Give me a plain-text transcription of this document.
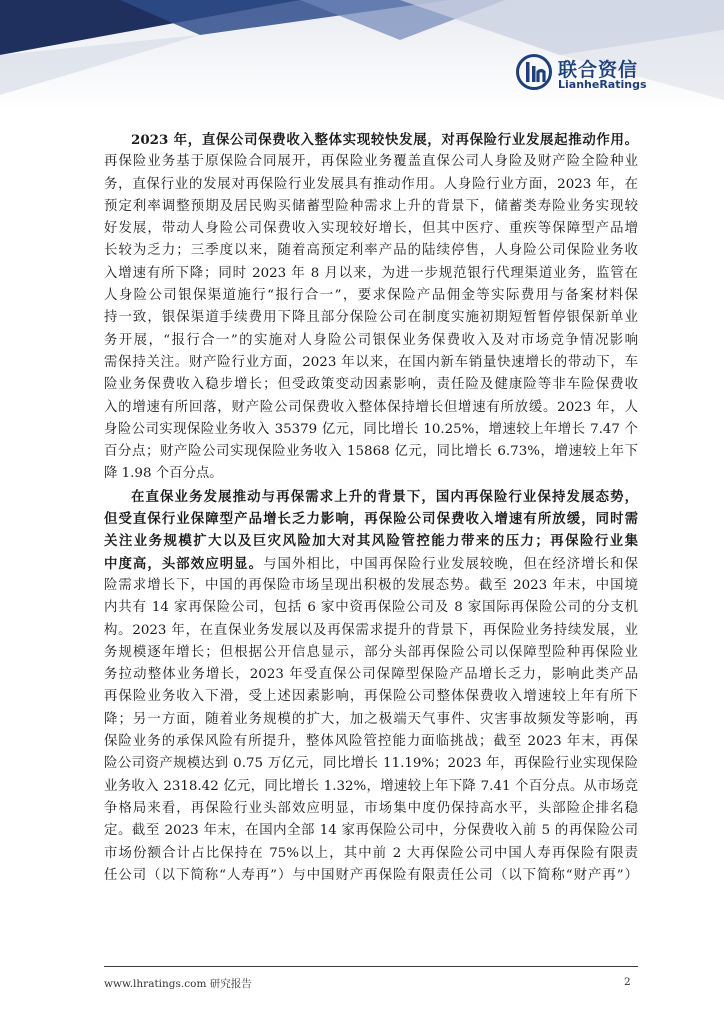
联合资信
LianheRatings
2023 年，直保公司保费收入整体实现较快发展，对再保险行业发展起推动作用。
再保险业务基于原保险合同展开，再保险业务覆盖直保公司人身险及财产险全险种业
务，直保行业的发展对再保险行业发展具有推动作用。人身险行业方面，2023 年，在
预定利率调整预期及居民购买储蓄型险种需求上升的背景下，储蓄类寿险业务实现较
好发展，带动人身险公司保费收入实现较好增长，但其中医疗、重疾等保障型产品增
长较为乏力；三季度以来，随着高预定利率产品的陆续停售，人身险公司保险业务收
入增速有所下降；同时 2023 年 8 月以来，为进一步规范银行代理渠道业务，监管在
人身险公司银保渠道施行“报行合一”，要求保险产品佣金等实际费用与备案材料保
持一致，银保渠道手续费用下降且部分保险公司在制度实施初期短暂暂停银保新单业
务开展，“报行合一”的实施对人身险公司银保业务保费收入及对市场竞争情况影响
需保持关注。财产险行业方面，2023 年以来，在国内新车销量快速增长的带动下，车
险业务保费收入稳步增长；但受政策变动因素影响，责任险及健康险等非车险保费收
入的增速有所回落，财产险公司保费收入整体保持增长但增速有所放缓。2023 年，人
身险公司实现保险业务收入 35379 亿元，同比增长 10.25%，增速较上年增长 7.47 个
百分点；财产险公司实现保险业务收入 15868 亿元，同比增长 6.73%，增速较上年下
降 1.98 个百分点。
在直保业务发展推动与再保需求上升的背景下，国内再保险行业保持发展态势，
但受直保行业保障型产品增长乏力影响，再保险公司保费收入增速有所放缓，同时需
关注业务规模扩大以及巨灾风险加大对其风险管控能力带来的压力；再保险行业集
中度高，头部效应明显。与国外相比，中国再保险行业发展较晚，但在经济增长和保
险需求增长下，中国的再保险市场呈现出积极的发展态势。截至 2023 年末，中国境
内共有 14 家再保险公司，包括 6 家中资再保险公司及 8 家国际再保险公司的分支机
构。2023 年，在直保业务发展以及再保需求提升的背景下，再保险业务持续发展，业
务规模逐年增长；但根据公开信息显示，部分头部再保险公司以保障型险种再保险业
务拉动整体业务增长，2023 年受直保公司保障型保险产品增长乏力，影响此类产品
再保险业务收入下滑，受上述因素影响，再保险公司整体保费收入增速较上年有所下
降；另一方面，随着业务规模的扩大，加之极端天气事件、灾害事故频发等影响，再
保险业务的承保风险有所提升，整体风险管控能力面临挑战；截至 2023 年末，再保
险公司资产规模达到 0.75 万亿元，同比增长 11.19%；2023 年，再保险行业实现保险
业务收入 2318.42 亿元，同比增长 1.32%，增速较上年下降 7.41 个百分点。从市场竞
争格局来看，再保险行业头部效应明显，市场集中度仍保持高水平，头部险企排名稳
定。截至 2023 年末，在国内全部 14 家再保险公司中，分保费收入前 5 的再保险公司
市场份额合计占比保持在 75%以上，其中前 2 大再保险公司中国人寿再保险有限责
任公司（以下简称“人寿再”）与中国财产再保险有限责任公司（以下简称“财产再”）
www.lhratings.com 研究报告	2
